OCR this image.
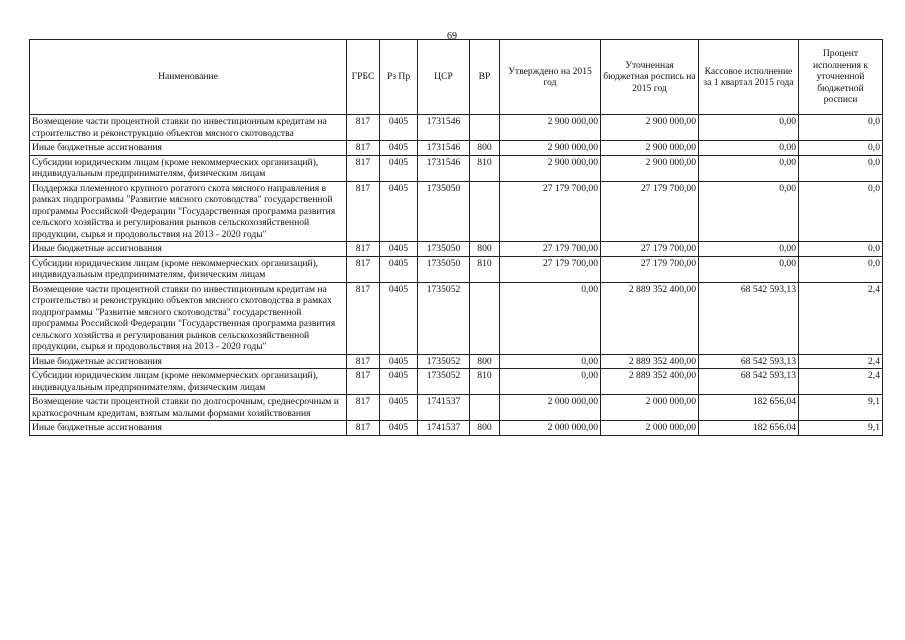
69
Наименование	ГРБС	Рз Пр	ЦСР	ВР	Утверждено на 2015 год	Уточненная бюджетная роспись на 2015 год	Кассовое исполнение за 1 квартал 2015 года	Процент исполнения к уточненной бюджетной росписи
Возмещение части процентной ставки по инвестиционным кредитам на строительство и реконструкцию объектов мясного скотоводства	817	0405	1731546		2 900 000,00	2 900 000,00	0,00	0,0
Иные бюджетные ассигнования	817	0405	1731546	800	2 900 000,00	2 900 000,00	0,00	0,0
Субсидии юридическим лицам (кроме некоммерческих организаций), индивидуальным предпринимателям, физическим лицам	817	0405	1731546	810	2 900 000,00	2 900 000,00	0,00	0,0
Поддержка племенного крупного рогатого скота мясного направления в рамках подпрограммы "Развитие мясного скотоводства" государственной программы Российской Федерации "Государственная программа развития сельского хозяйства и регулирования рынков сельскохозяйственной продукции, сырья и продовольствия на 2013 - 2020 годы"	817	0405	1735050		27 179 700,00	27 179 700,00	0,00	0,0
Иные бюджетные ассигнования	817	0405	1735050	800	27 179 700,00	27 179 700,00	0,00	0,0
Субсидии юридическим лицам (кроме некоммерческих организаций), индивидуальным предпринимателям, физическим лицам	817	0405	1735050	810	27 179 700,00	27 179 700,00	0,00	0,0
Возмещение части процентной ставки по инвестиционным кредитам на строительство и реконструкцию объектов мясного скотоводства в рамках подпрограммы "Развитие мясного скотоводства" государственной программы Российской Федерации "Государственная программа развития сельского хозяйства и регулирования рынков сельскохозяйственной продукции, сырья и продовольствия на 2013 - 2020 годы"	817	0405	1735052		0,00	2 889 352 400,00	68 542 593,13	2,4
Иные бюджетные ассигнования	817	0405	1735052	800	0,00	2 889 352 400,00	68 542 593,13	2,4
Субсидии юридическим лицам (кроме некоммерческих организаций), индивидуальным предпринимателям, физическим лицам	817	0405	1735052	810	0,00	2 889 352 400,00	68 542 593,13	2,4
Возмещение части процентной ставки по долгосрочным, среднесрочным и краткосрочным кредитам, взятым малыми формами хозяйствования	817	0405	1741537		2 000 000,00	2 000 000,00	182 656,04	9,1
Иные бюджетные ассигнования	817	0405	1741537	800	2 000 000,00	2 000 000,00	182 656,04	9,1
